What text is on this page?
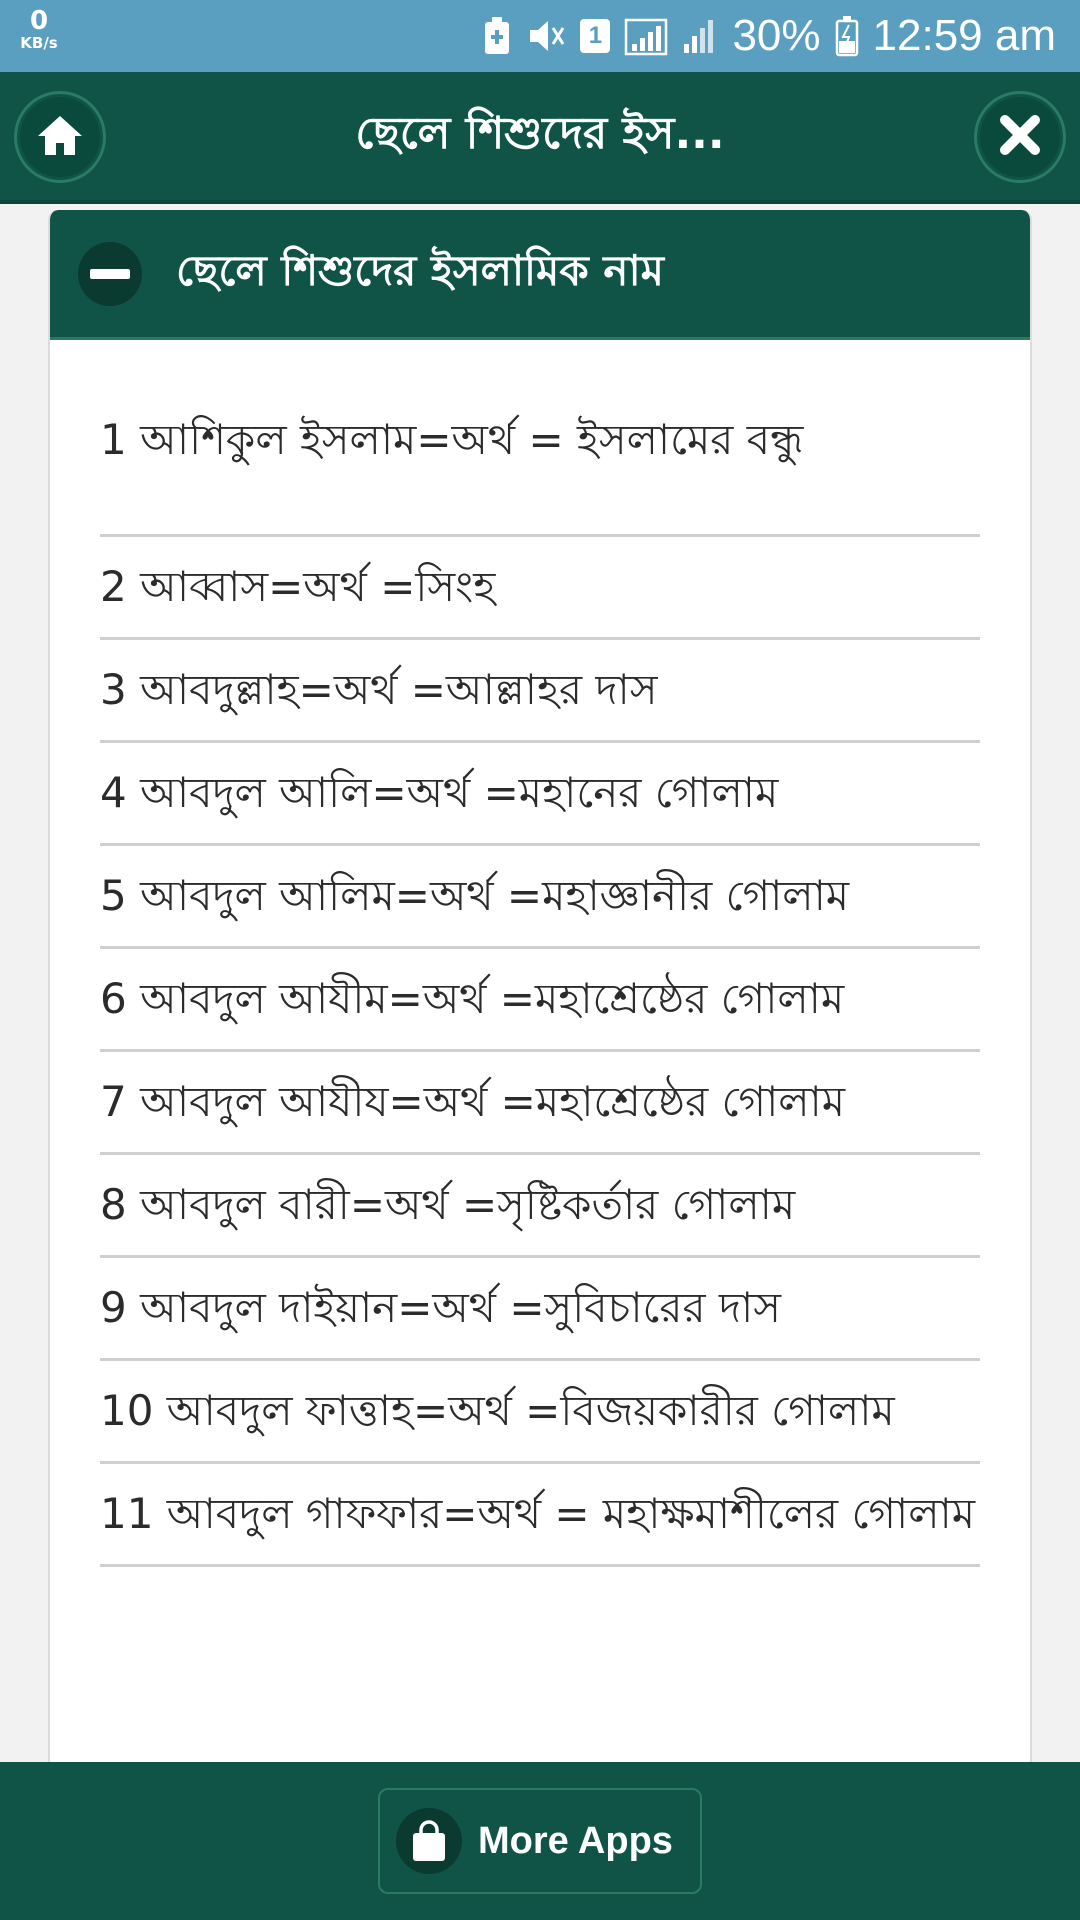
0
KB/s	1	30% 12:59 am
ছেলে শিশুদের ইস...
ছেলে শিশুদের ইসলামিক নাম
1 আশিকুল ইসলাম=অর্থ = ইসলামের বন্ধু
2 আব্বাস=অর্থ =সিংহ
3 আবদুল্লাহ=অর্থ =আল্লাহর দাস
4 আবদুল আলি=অর্থ =মহানের গোলাম
5 আবদুল আলিম=অর্থ =মহাজ্ঞানীর গোলাম
6 আবদুল আযীম=অর্থ =মহাশ্রেষ্ঠের গোলাম
7 আবদুল আযীয=অর্থ =মহাশ্রেষ্ঠের গোলাম
8 আবদুল বারী=অর্থ =সৃষ্টিকর্তার গোলাম
9 আবদুল দাইয়ান=অর্থ =সুবিচারের দাস
10 আবদুল ফাত্তাহ=অর্থ =বিজয়কারীর গোলাম
11 আবদুল গাফফার=অর্থ = মহাক্ষমাশীলের গোলাম
More Apps
